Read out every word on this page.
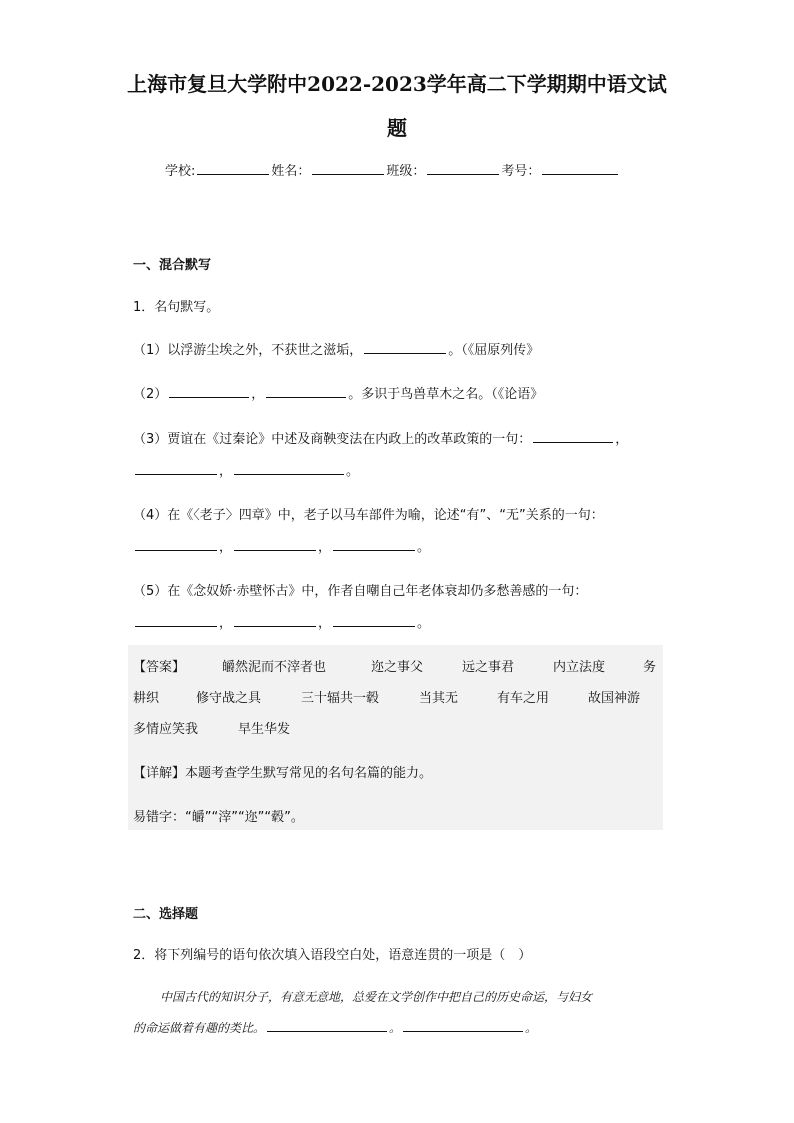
上海市复旦大学附中2022-2023学年高二下学期期中语文试
题
学校:	姓名：	班级：	考号：
一、混合默写
1．名句默写。
（1）以浮游尘埃之外，不获世之滋垢，	。（《屈原列传》
（2）	，	。多识于鸟兽草木之名。（《论语》
（3）贾谊在《过秦论》中述及商鞅变法在内政上的改革政策的一句：	，
，	。
（4）在《〈老子〉四章》中，老子以马车部件为喻，论述“有”、“无”关系的一句：
，	，	。
（5）在《念奴娇·赤壁怀古》中，作者自嘲自己年老体衰却仍多愁善感的一句：
，	，	。
【答案】	皭然泥而不滓者也	迩之事父	远之事君	内立法度	务
耕织	修守战之具	三十辐共一毂	当其无	有车之用	故国神游
多情应笑我	早生华发
【详解】本题考查学生默写常见的名句名篇的能力。
易错字：“皭”“滓”“迩”“毂”。
二、选择题
2．将下列编号的语句依次填入语段空白处，语意连贯的一项是（　）
中国古代的知识分子，有意无意地，总爱在文学创作中把自己的历史命运，与妇女
的命运做着有趣的类比。	。	。
